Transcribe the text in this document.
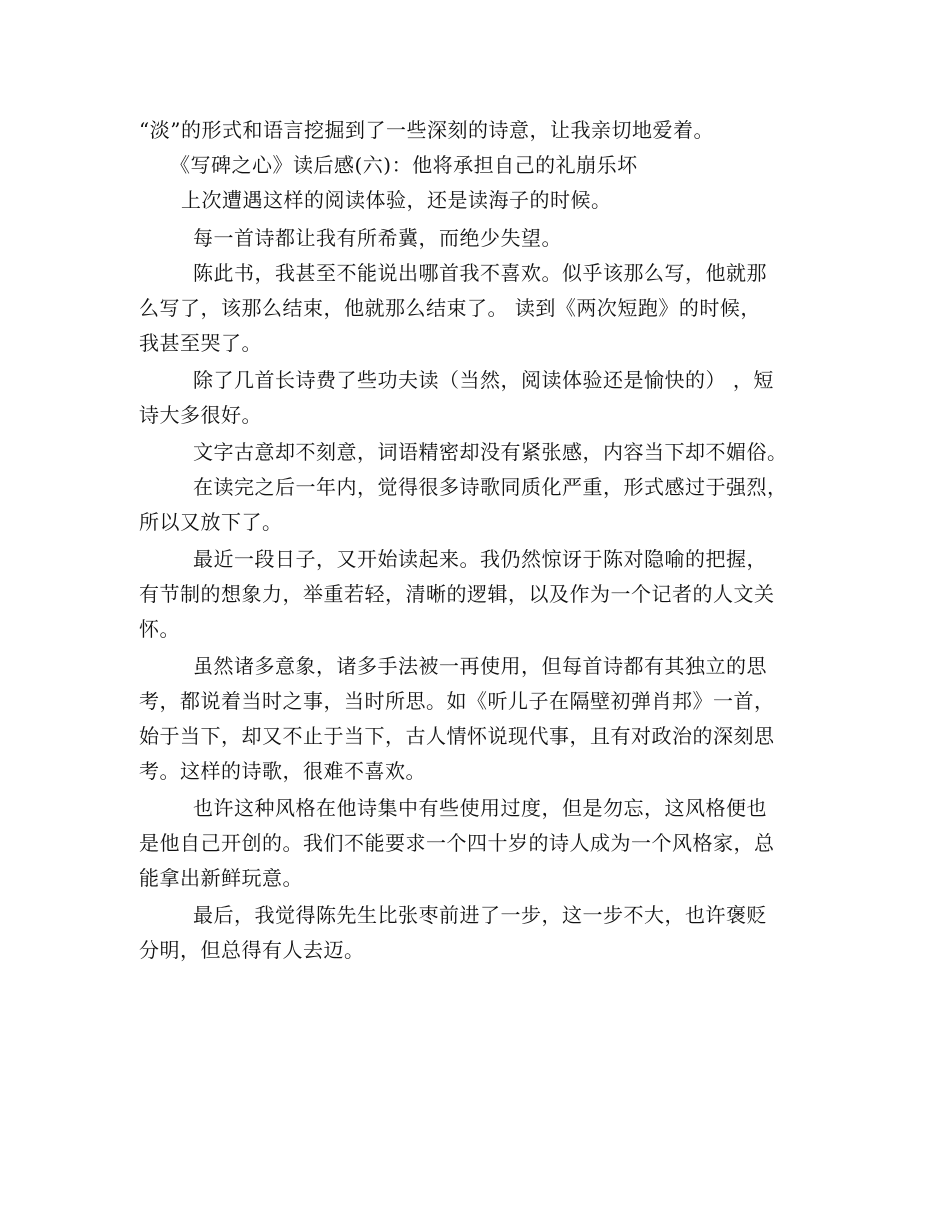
“淡”的形式和语言挖掘到了一些深刻的诗意，让我亲切地爱着。
《写碑之心》读后感(六)：他将承担自己的礼崩乐坏
上次遭遇这样的阅读体验，还是读海子的时候。
每一首诗都让我有所希冀，而绝少失望。
陈此书，我甚至不能说出哪首我不喜欢。似乎该那么写，他就那
么写了，该那么结束，他就那么结束了。 读到《两次短跑》的时候，
我甚至哭了。
除了几首长诗费了些功夫读（当然，阅读体验还是愉快的） ，短
诗大多很好。
文字古意却不刻意，词语精密却没有紧张感，内容当下却不媚俗。
在读完之后一年内，觉得很多诗歌同质化严重，形式感过于强烈，
所以又放下了。
最近一段日子，又开始读起来。我仍然惊讶于陈对隐喻的把握，
有节制的想象力，举重若轻，清晰的逻辑，以及作为一个记者的人文关
怀。
虽然诸多意象，诸多手法被一再使用，但每首诗都有其独立的思
考，都说着当时之事，当时所思。如《听儿子在隔壁初弹肖邦》一首，
始于当下，却又不止于当下，古人情怀说现代事，且有对政治的深刻思
考。这样的诗歌，很难不喜欢。
也许这种风格在他诗集中有些使用过度，但是勿忘，这风格便也
是他自己开创的。我们不能要求一个四十岁的诗人成为一个风格家，总
能拿出新鲜玩意。
最后，我觉得陈先生比张枣前进了一步，这一步不大，也许褒贬
分明，但总得有人去迈。
